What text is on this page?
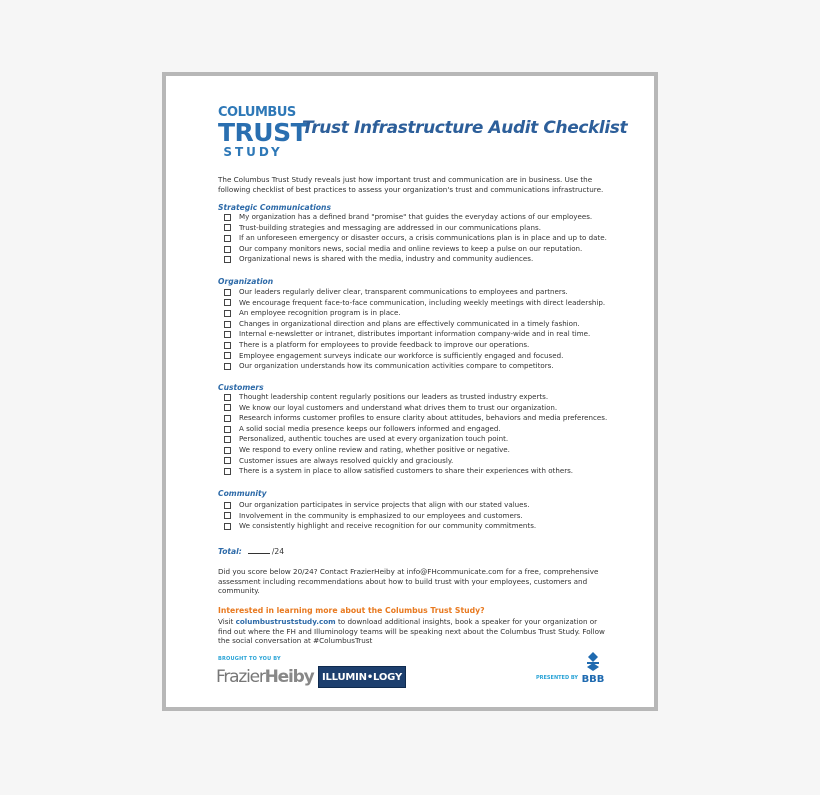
COLUMBUS
TRUST
STUDY
Trust Infrastructure Audit Checklist
The Columbus Trust Study reveals just how important trust and communication are in business. Use the following checklist of best practices to assess your organization's trust and communications infrastructure.
Strategic Communications
My organization has a defined brand "promise" that guides the everyday actions of our employees.
Trust-building strategies and messaging are addressed in our communications plans.
If an unforeseen emergency or disaster occurs, a crisis communications plan is in place and up to date.
Our company monitors news, social media and online reviews to keep a pulse on our reputation.
Organizational news is shared with the media, industry and community audiences.
Organization
Our leaders regularly deliver clear, transparent communications to employees and partners.
We encourage frequent face-to-face communication, including weekly meetings with direct leadership.
An employee recognition program is in place.
Changes in organizational direction and plans are effectively communicated in a timely fashion.
Internal e-newsletter or intranet, distributes important information company-wide and in real time.
There is a platform for employees to provide feedback to improve our operations.
Employee engagement surveys indicate our workforce is sufficiently engaged and focused.
Our organization understands how its communication activities compare to competitors.
Customers
Thought leadership content regularly positions our leaders as trusted industry experts.
We know our loyal customers and understand what drives them to trust our organization.
Research informs customer profiles to ensure clarity about attitudes, behaviors and media preferences.
A solid social media presence keeps our followers informed and engaged.
Personalized, authentic touches are used at every organization touch point.
We respond to every online review and rating, whether positive or negative.
Customer issues are always resolved quickly and graciously.
There is a system in place to allow satisfied customers to share their experiences with others.
Community
Our organization participates in service projects that align with our stated values.
Involvement in the community is emphasized to our employees and customers.
We consistently highlight and receive recognition for our community commitments.
Total:	/24
Did you score below 20/24? Contact FrazierHeiby at info@FHcommunicate.com for a free, comprehensive assessment including recommendations about how to build trust with your employees, customers and community.
Interested in learning more about the Columbus Trust Study?
Visit columbustruststudy.com to download additional insights, book a speaker for your organization or find out where the FH and Illuminology teams will be speaking next about the Columbus Trust Study. Follow the social conversation at #ColumbusTrust
BROUGHT TO YOU BY
FrazierHeiby ILLUMIN•LOGY	PRESENTED BY BBB
